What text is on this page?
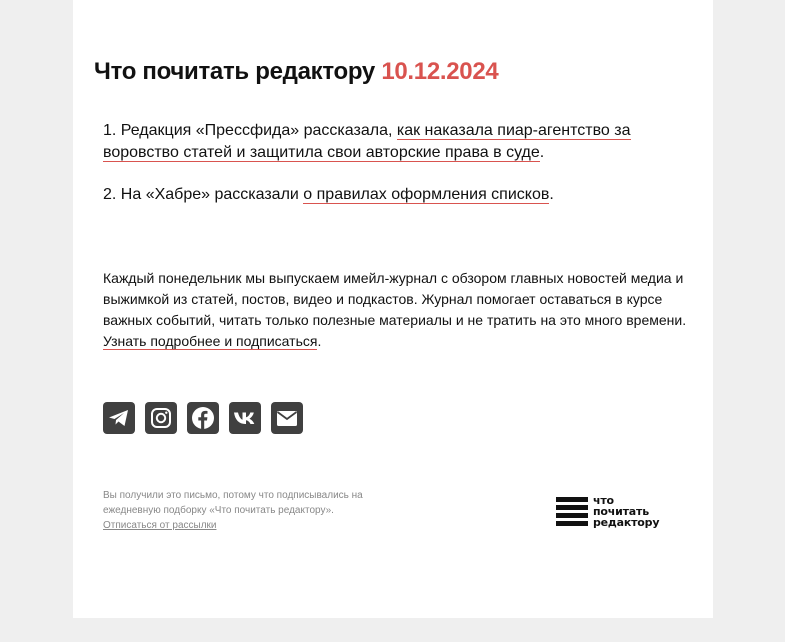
Что почитать редактору 10.12.2024

1. Редакция «Прессфида» рассказала, как наказала пиар-агентство за воровство статей и защитила свои авторские права в суде.

2. На «Хабре» рассказали о правилах оформления списков.

Каждый понедельник мы выпускаем имейл-журнал с обзором главных новостей медиа и выжимкой из статей, постов, видео и подкастов. Журнал помогает оставаться в курсе важных событий, читать только полезные материалы и не тратить на это много времени. Узнать подробнее и подписаться.

Вы получили это письмо, потому что подписывались на ежедневную подборку «Что почитать редактору».
Отписаться от рассылки
что
почитать
редактору
